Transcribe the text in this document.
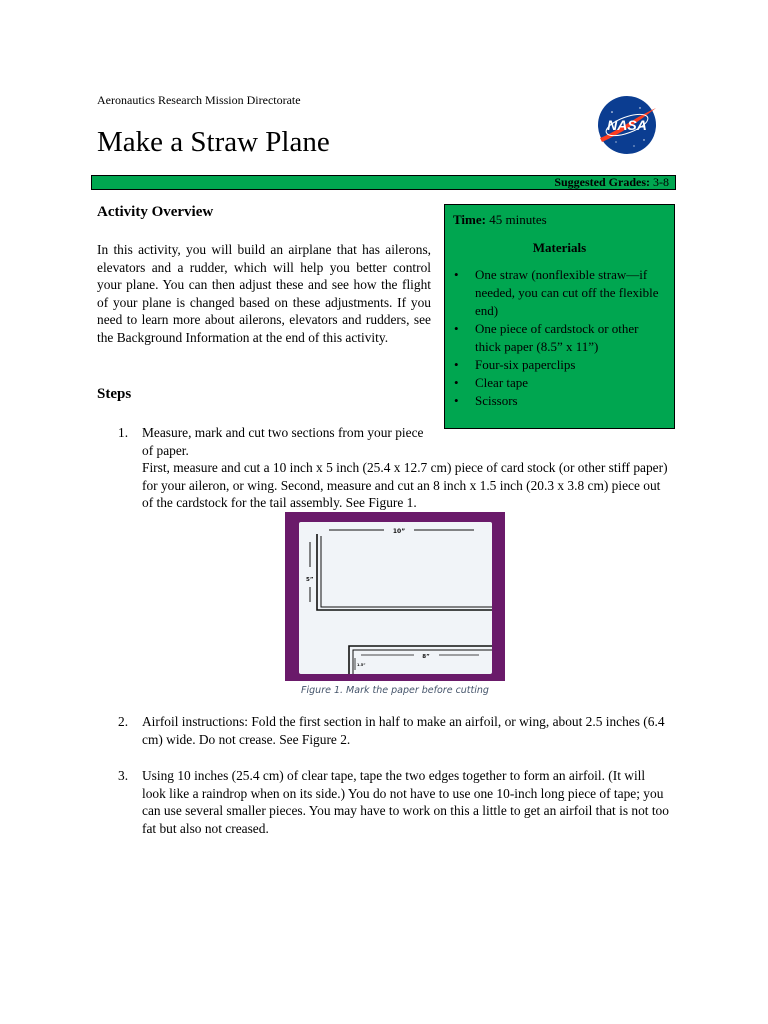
Aeronautics Research Mission Directorate
Make a Straw Plane
NASA
Suggested Grades: 3-8
Activity Overview

In this activity, you will build an airplane that has ailerons, elevators and a rudder, which will help you better control your plane. You can then adjust these and see how the flight of your plane is changed based on these adjustments. If you need to learn more about ailerons, elevators and rudders, see the Background Information at the end of this activity.

Time: 45 minutes

Materials
• One straw (nonflexible straw—if needed, you can cut off the flexible end)
• One piece of cardstock or other thick paper (8.5” x 11”)
• Four-six paperclips
• Clear tape
• Scissors
Steps
1. Measure, mark and cut two sections from your piece of paper.
First, measure and cut a 10 inch x 5 inch (25.4 x 12.7 cm) piece of card stock (or other stiff paper) for your aileron, or wing. Second, measure and cut an 8 inch x 1.5 inch (20.3 x 3.8 cm) piece out of the cardstock for the tail assembly. See Figure 1.
10”
5”
8”
1.5”
Figure 1. Mark the paper before cutting
2. Airfoil instructions: Fold the first section in half to make an airfoil, or wing, about 2.5 inches (6.4 cm) wide. Do not crease. See Figure 2.
3. Using 10 inches (25.4 cm) of clear tape, tape the two edges together to form an airfoil. (It will look like a raindrop when on its side.) You do not have to use one 10-inch long piece of tape; you can use several smaller pieces. You may have to work on this a little to get an airfoil that is not too fat but also not creased.
